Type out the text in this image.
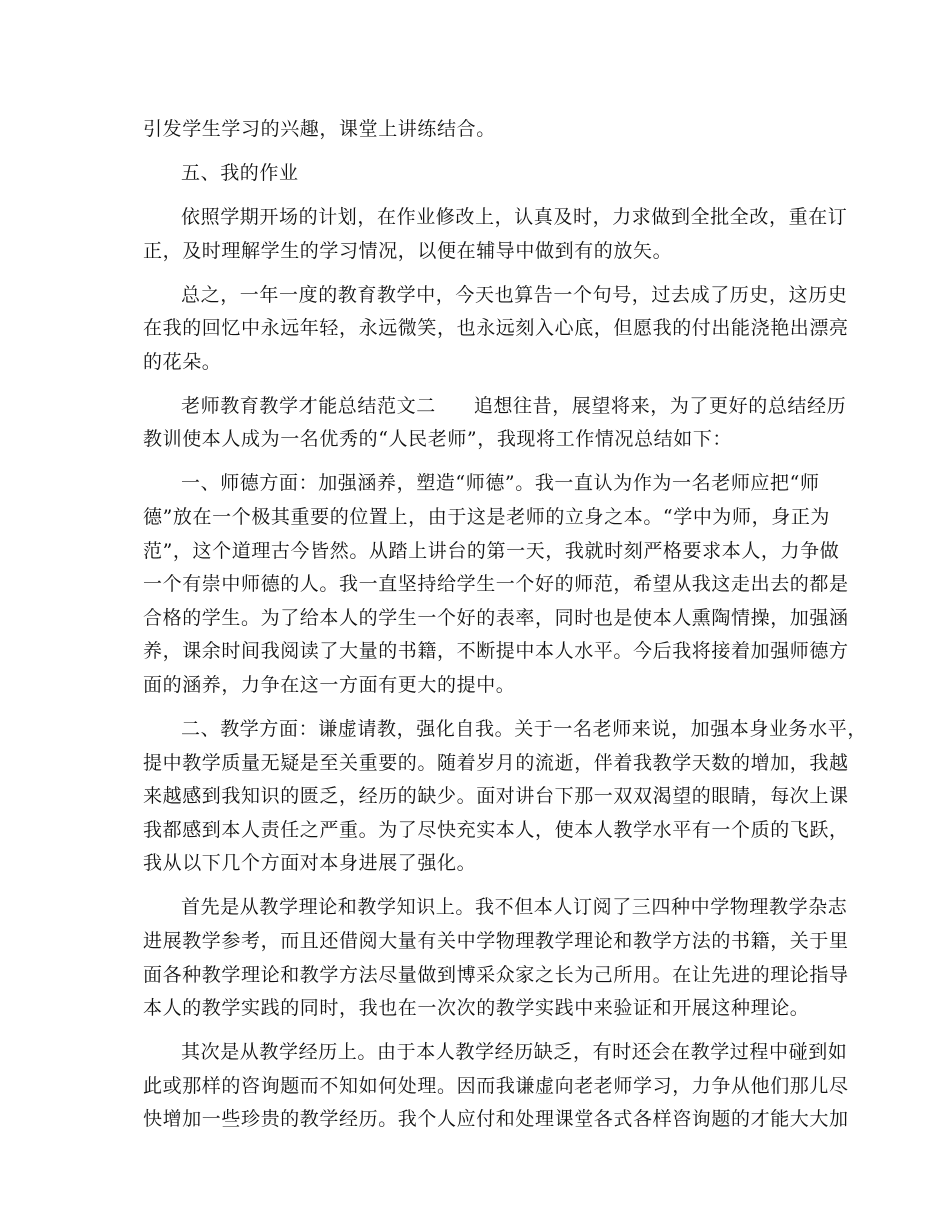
引发学生学习的兴趣，课堂上讲练结合。
五、我的作业
依照学期开场的计划，在作业修改上，认真及时，力求做到全批全改，重在订
正，及时理解学生的学习情况，以便在辅导中做到有的放矢。
总之，一年一度的教育教学中，今天也算告一个句号，过去成了历史，这历史
在我的回忆中永远年轻，永远微笑，也永远刻入心底，但愿我的付出能浇艳出漂亮
的花朵。
老师教育教学才能总结范文二 追想往昔，展望将来，为了更好的总结经历
教训使本人成为一名优秀的“人民老师”，我现将工作情况总结如下：
一、师德方面：加强涵养，塑造“师德”。我一直认为作为一名老师应把“师
德”放在一个极其重要的位置上，由于这是老师的立身之本。“学中为师，身正为
范”，这个道理古今皆然。从踏上讲台的第一天，我就时刻严格要求本人，力争做
一个有崇中师德的人。我一直坚持给学生一个好的师范，希望从我这走出去的都是
合格的学生。为了给本人的学生一个好的表率，同时也是使本人熏陶情操，加强涵
养，课余时间我阅读了大量的书籍，不断提中本人水平。今后我将接着加强师德方
面的涵养，力争在这一方面有更大的提中。
二、教学方面：谦虚请教，强化自我。关于一名老师来说，加强本身业务水平，
提中教学质量无疑是至关重要的。随着岁月的流逝，伴着我教学天数的增加，我越
来越感到我知识的匮乏，经历的缺少。面对讲台下那一双双渴望的眼睛，每次上课
我都感到本人责任之严重。为了尽快充实本人，使本人教学水平有一个质的飞跃，
我从以下几个方面对本身进展了强化。
首先是从教学理论和教学知识上。我不但本人订阅了三四种中学物理教学杂志
进展教学参考，而且还借阅大量有关中学物理教学理论和教学方法的书籍，关于里
面各种教学理论和教学方法尽量做到博采众家之长为己所用。在让先进的理论指导
本人的教学实践的同时，我也在一次次的教学实践中来验证和开展这种理论。
其次是从教学经历上。由于本人教学经历缺乏，有时还会在教学过程中碰到如
此或那样的咨询题而不知如何处理。因而我谦虚向老老师学习，力争从他们那儿尽
快增加一些珍贵的教学经历。我个人应付和处理课堂各式各样咨询题的才能大大加
